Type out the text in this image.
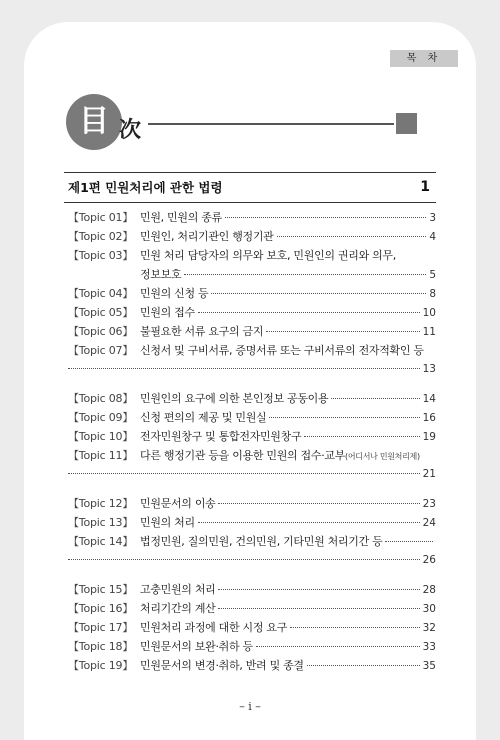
목 차
目 次
제1편 민원처리에 관한 법령	1
【Topic 01】 민원, 민원의 종류	3
【Topic 02】 민원인, 처리기관인 행정기관	4
【Topic 03】 민원 처리 담당자의 의무와 보호, 민원인의 권리와 의무,
정보보호	5
【Topic 04】 민원의 신청 등	8
【Topic 05】 민원의 접수	10
【Topic 06】 불필요한 서류 요구의 금지	11
【Topic 07】 신청서 및 구비서류, 증명서류 또는 구비서류의 전자적확인 등
13
【Topic 08】 민원인의 요구에 의한 본인정보 공동이용	14
【Topic 09】 신청 편의의 제공 및 민원실	16
【Topic 10】 전자민원창구 및 통합전자민원창구	19
【Topic 11】 다른 행정기관 등을 이용한 민원의 접수·교부 (어디서나 민원처리제)
21
【Topic 12】 민원문서의 이송	23
【Topic 13】 민원의 처리	24
【Topic 14】 법정민원, 질의민원, 건의민원, 기타민원 처리기간 등
26
【Topic 15】 고충민원의 처리	28
【Topic 16】 처리기간의 계산	30
【Topic 17】 민원처리 과정에 대한 시정 요구	32
【Topic 18】 민원문서의 보완·취하 등	33
【Topic 19】 민원문서의 변경·취하, 반려 및 종결	35
– i –
